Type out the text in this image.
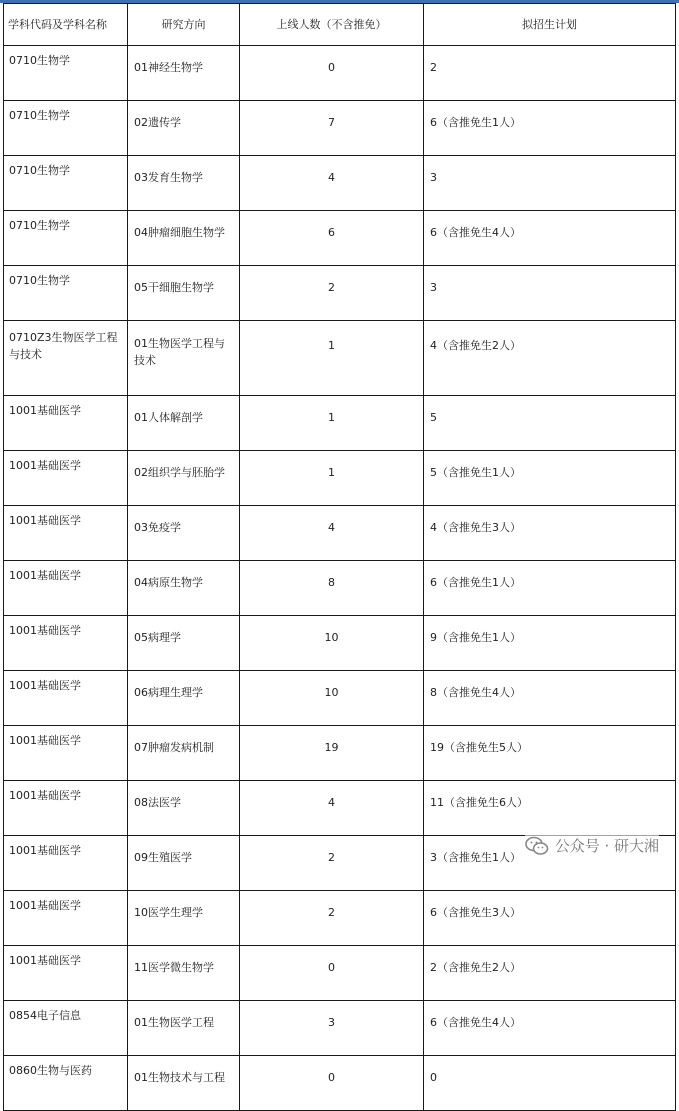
学科代码及学科名称	研究方向	上线人数（不含推免）	拟招生计划
0710生物学	01神经生物学	0	2
0710生物学	02遗传学	7	6（含推免生1人）
0710生物学	03发育生物学	4	3
0710生物学	04肿瘤细胞生物学	6	6（含推免生4人）
0710生物学	05干细胞生物学	2	3
0710Z3生物医学工程与技术	01生物医学工程与技术	1	4（含推免生2人）
1001基础医学	01人体解剖学	1	5
1001基础医学	02组织学与胚胎学	1	5（含推免生1人）
1001基础医学	03免疫学	4	4（含推免生3人）
1001基础医学	04病原生物学	8	6（含推免生1人）
1001基础医学	05病理学	10	9（含推免生1人）
1001基础医学	06病理生理学	10	8（含推免生4人）
1001基础医学	07肿瘤发病机制	19	19（含推免生5人）
1001基础医学	08法医学	4	11（含推免生6人）
1001基础医学	09生殖医学	2	3（含推免生1人）
1001基础医学	10医学生理学	2	6（含推免生3人）
1001基础医学	11医学微生物学	0	2（含推免生2人）
0854电子信息	01生物医学工程	3	6（含推免生4人）
0860生物与医药	01生物技术与工程	0	0
公众号 · 研大湘
